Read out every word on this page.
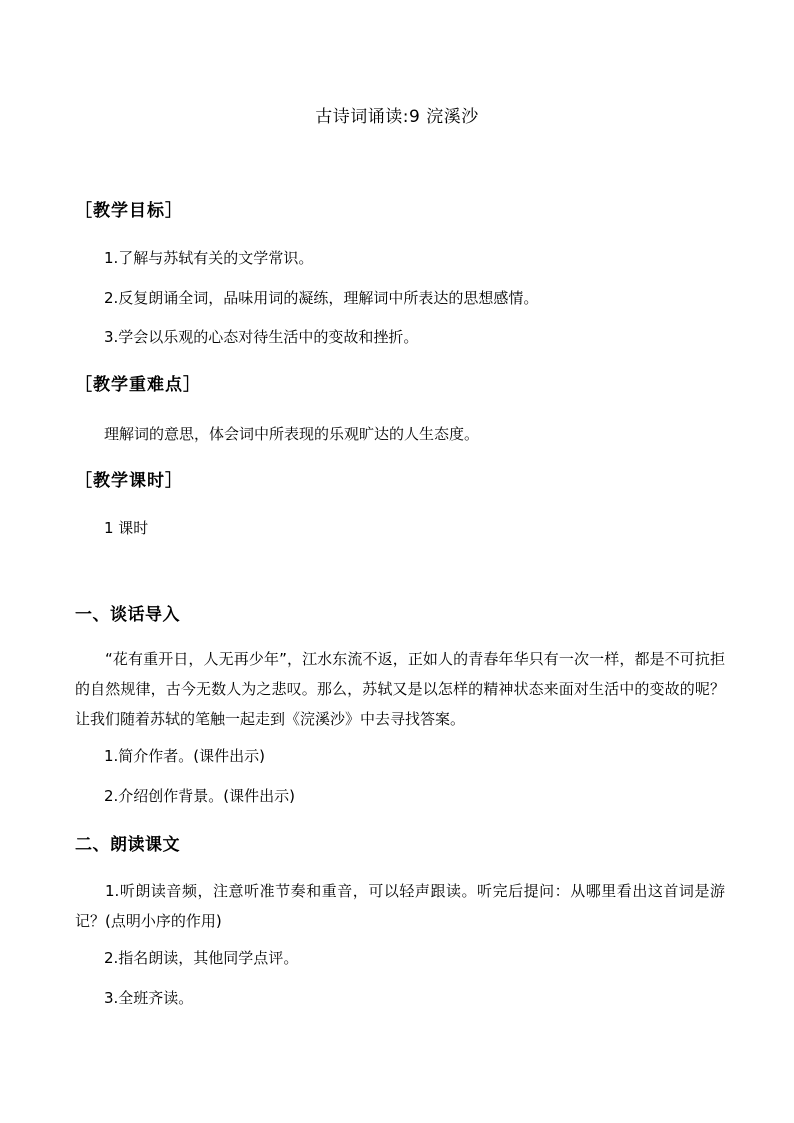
古诗词诵读:9 浣溪沙
［教学目标］
1.了解与苏轼有关的文学常识。
2.反复朗诵全词，品味用词的凝练，理解词中所表达的思想感情。
3.学会以乐观的心态对待生活中的变故和挫折。
［教学重难点］
理解词的意思，体会词中所表现的乐观旷达的人生态度。
［教学课时］
1 课时
一、谈话导入
“花有重开日，人无再少年”，江水东流不返，正如人的青春年华只有一次一样，都是不可抗拒的自然规律，古今无数人为之悲叹。那么，苏轼又是以怎样的精神状态来面对生活中的变故的呢？让我们随着苏轼的笔触一起走到《浣溪沙》中去寻找答案。
1.简介作者。(课件出示)
2.介绍创作背景。(课件出示)
二、朗读课文
1.听朗读音频，注意听准节奏和重音，可以轻声跟读。听完后提问：从哪里看出这首词是游记？(点明小序的作用)
2.指名朗读，其他同学点评。
3.全班齐读。
